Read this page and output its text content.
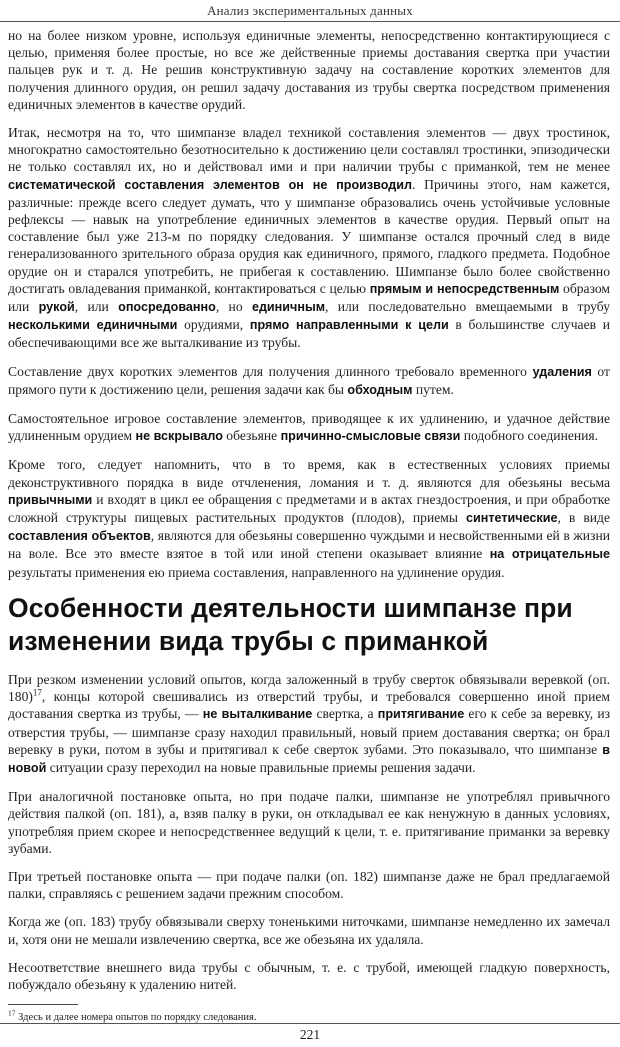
Анализ экспериментальных данных

но на более низком уровне, используя единичные элементы, непосредственно контактирующиеся с целью, применяя более простые, но все же действенные приемы доставания свертка при участии пальцев рук и т. д. Не решив конструктивную задачу на составление коротких элементов для получения длинного орудия, он решил задачу доставания из трубы свертка посредством применения единичных элементов в качестве орудий.

Итак, несмотря на то, что шимпанзе владел техникой составления элементов — двух тростинок, многократно самостоятельно безотносительно к достижению цели составлял тростинки, эпизодически не только составлял их, но и действовал ими и при наличии трубы с приманкой, тем не менее систематической составления элементов он не производил. Причины этого, нам кажется, различные: прежде всего следует думать, что у шимпанзе образовались очень устойчивые условные рефлексы — навык на употребление единичных элементов в качестве орудия. Первый опыт на составление был уже 213-м по порядку следования. У шимпанзе остался прочный след в виде генерализованного зрительного образа орудия как единичного, прямого, гладкого предмета. Подобное орудие он и старался употребить, не прибегая к составлению. Шимпанзе было более свойственно достигать овладевания приманкой, контактироваться с целью прямым и непосредственным образом или рукой, или опосредованно, но единичным, или последовательно вмещаемыми в трубу несколькими единичными орудиями, прямо направленными к цели в большинстве случаев и обеспечивающими все же выталкивание из трубы.

Составление двух коротких элементов для получения длинного требовало временного удаления от прямого пути к достижению цели, решения задачи как бы обходным путем.

Самостоятельное игровое составление элементов, приводящее к их удлинению, и удачное действие удлиненным орудием не вскрывало обезьяне причинно-смысловые связи подобного соединения.

Кроме того, следует напомнить, что в то время, как в естественных условиях приемы деконструктивного порядка в виде отчленения, ломания и т. д. являются для обезьяны весьма привычными и входят в цикл ее обращения с предметами и в актах гнездостроения, и при обработке сложной структуры пищевых растительных продуктов (плодов), приемы синтетические, в виде составления объектов, являются для обезьяны совершенно чуждыми и несвойственными ей в жизни на воле. Все это вместе взятое в той или иной степени оказывает влияние на отрицательные результаты применения ею приема составления, направленного на удлинение орудия.

Особенности деятельности шимпанзе при изменении вида трубы с приманкой

При резком изменении условий опытов, когда заложенный в трубу сверток обвязывали веревкой (оп. 180)$^{17}$, концы которой свешивались из отверстий трубы, и требовался совершенно иной прием доставания свертка из трубы, — не выталкивание свертка, а притягивание его к себе за веревку, из отверстия трубы, — шимпанзе сразу находил правильный, новый прием доставания свертка; он брал веревку в руки, потом в зубы и притягивал к себе сверток зубами. Это показывало, что шимпанзе в новой ситуации сразу переходил на новые правильные приемы решения задачи.

При аналогичной постановке опыта, но при подаче палки, шимпанзе не употреблял привычного действия палкой (оп. 181), а, взяв палку в руки, он откладывал ее как ненужную в данных условиях, употребляя прием скорее и непосредственнее ведущий к цели, т. е. притягивание приманки за веревку зубами.

При третьей постановке опыта — при подаче палки (оп. 182) шимпанзе даже не брал предлагаемой палки, справляясь с решением задачи прежним способом.

Когда же (оп. 183) трубу обвязывали сверху тоненькими ниточками, шимпанзе немедленно их замечал и, хотя они не мешали извлечению свертка, все же обезьяна их удаляла.

Несоответствие внешнего вида трубы с обычным, т. е. с трубой, имеющей гладкую поверхность, побуждало обезьяну к удалению нитей.

$^{17}$ Здесь и далее номера опытов по порядку следования.
221
